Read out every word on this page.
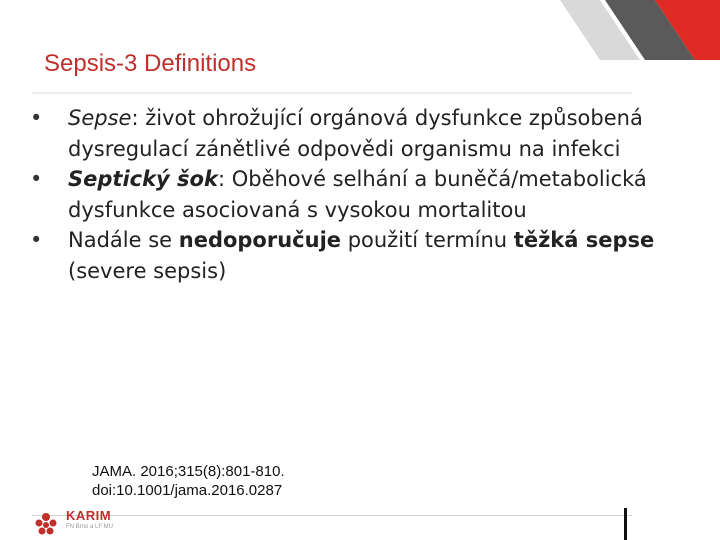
Sepsis-3 Definitions
• Sepse: život ohrožující orgánová dysfunkce způsobená dysregulací zánětlivé odpovědi organismu na infekci
• Septický šok: Oběhové selhání a buněčá/metabolická dysfunkce asociovaná s vysokou mortalitou
• Nadále se nedoporučuje použití termínu těžká sepse (severe sepsis)
JAMA. 2016;315(8):801-810.
doi:10.1001/jama.2016.0287
KARIM
FN Brno a LF MU
